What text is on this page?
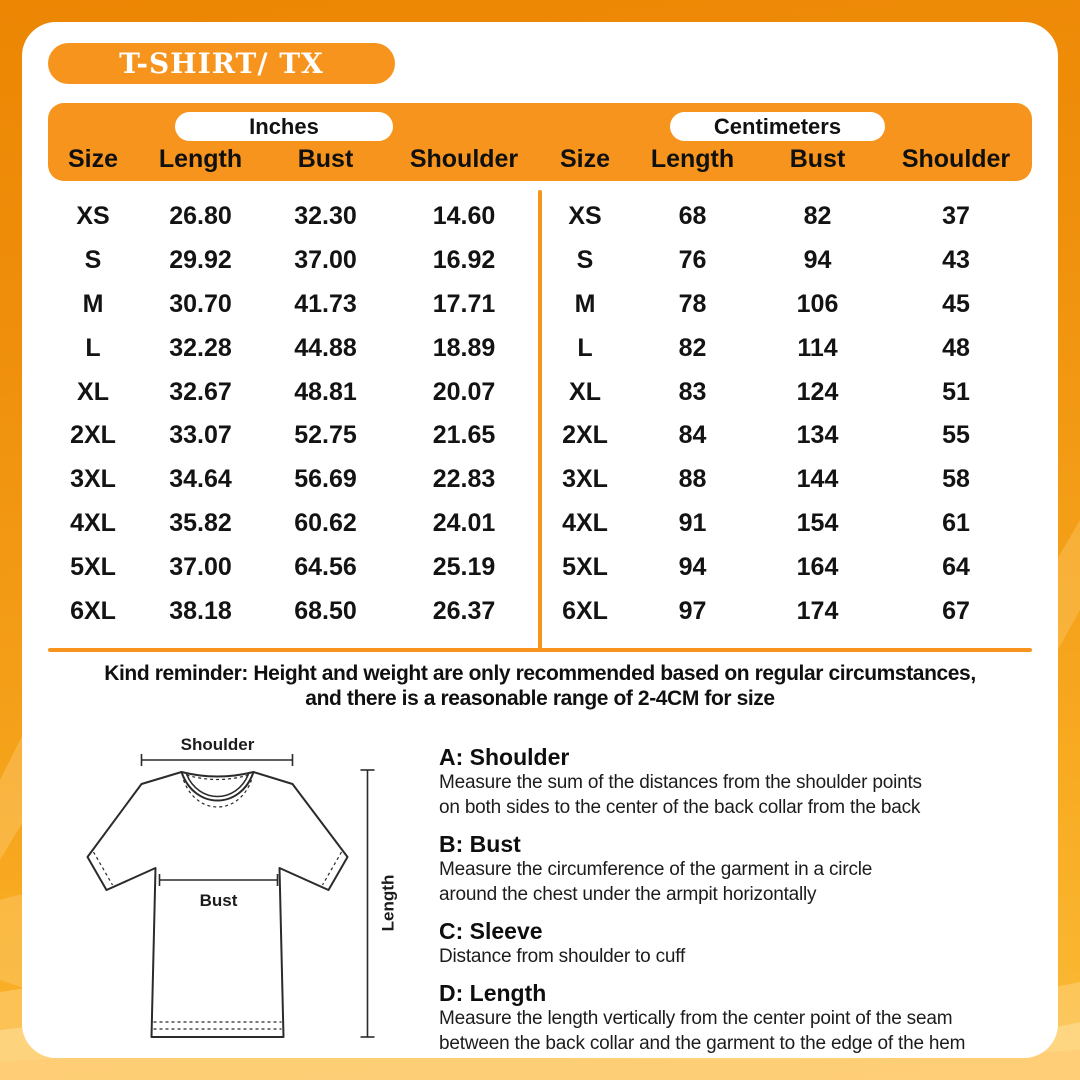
T-SHIRT/ TX
Inches	Centimeters
Size Length Bust Shoulder Size Length Bust Shoulder
XS 26.80 32.30	14.60
S	29.92 37.00	16.92
M	30.70 41.73	17.71
L	32.28 44.88	18.89
XL 32.67 48.81	20.07
2XL 33.07 52.75	21.65
3XL 34.64 56.69	22.83
4XL 35.82 60.62	24.01
5XL 37.00 64.56	25.19
6XL 38.18 68.50	26.37
XS	68	82	37
S	76	94	43
M	78	106	45
L	82	114	48
XL	83	124	51
2XL	84	134	55
3XL	88	144	58
4XL	91	154	61
5XL	94	164	64
6XL	97	174	67
Kind reminder: Height and weight are only recommended based on regular circumstances,
and there is a reasonable range of 2-4CM for size
Shoulder
Length
Bust
A: Shoulder
Measure the sum of the distances from the shoulder points
on both sides to the center of the back collar from the back
B: Bust
Measure the circumference of the garment in a circle
around the chest under the armpit horizontally
C: Sleeve
Distance from shoulder to cuff
D: Length
Measure the length vertically from the center point of the seam
between the back collar and the garment to the edge of the hem
